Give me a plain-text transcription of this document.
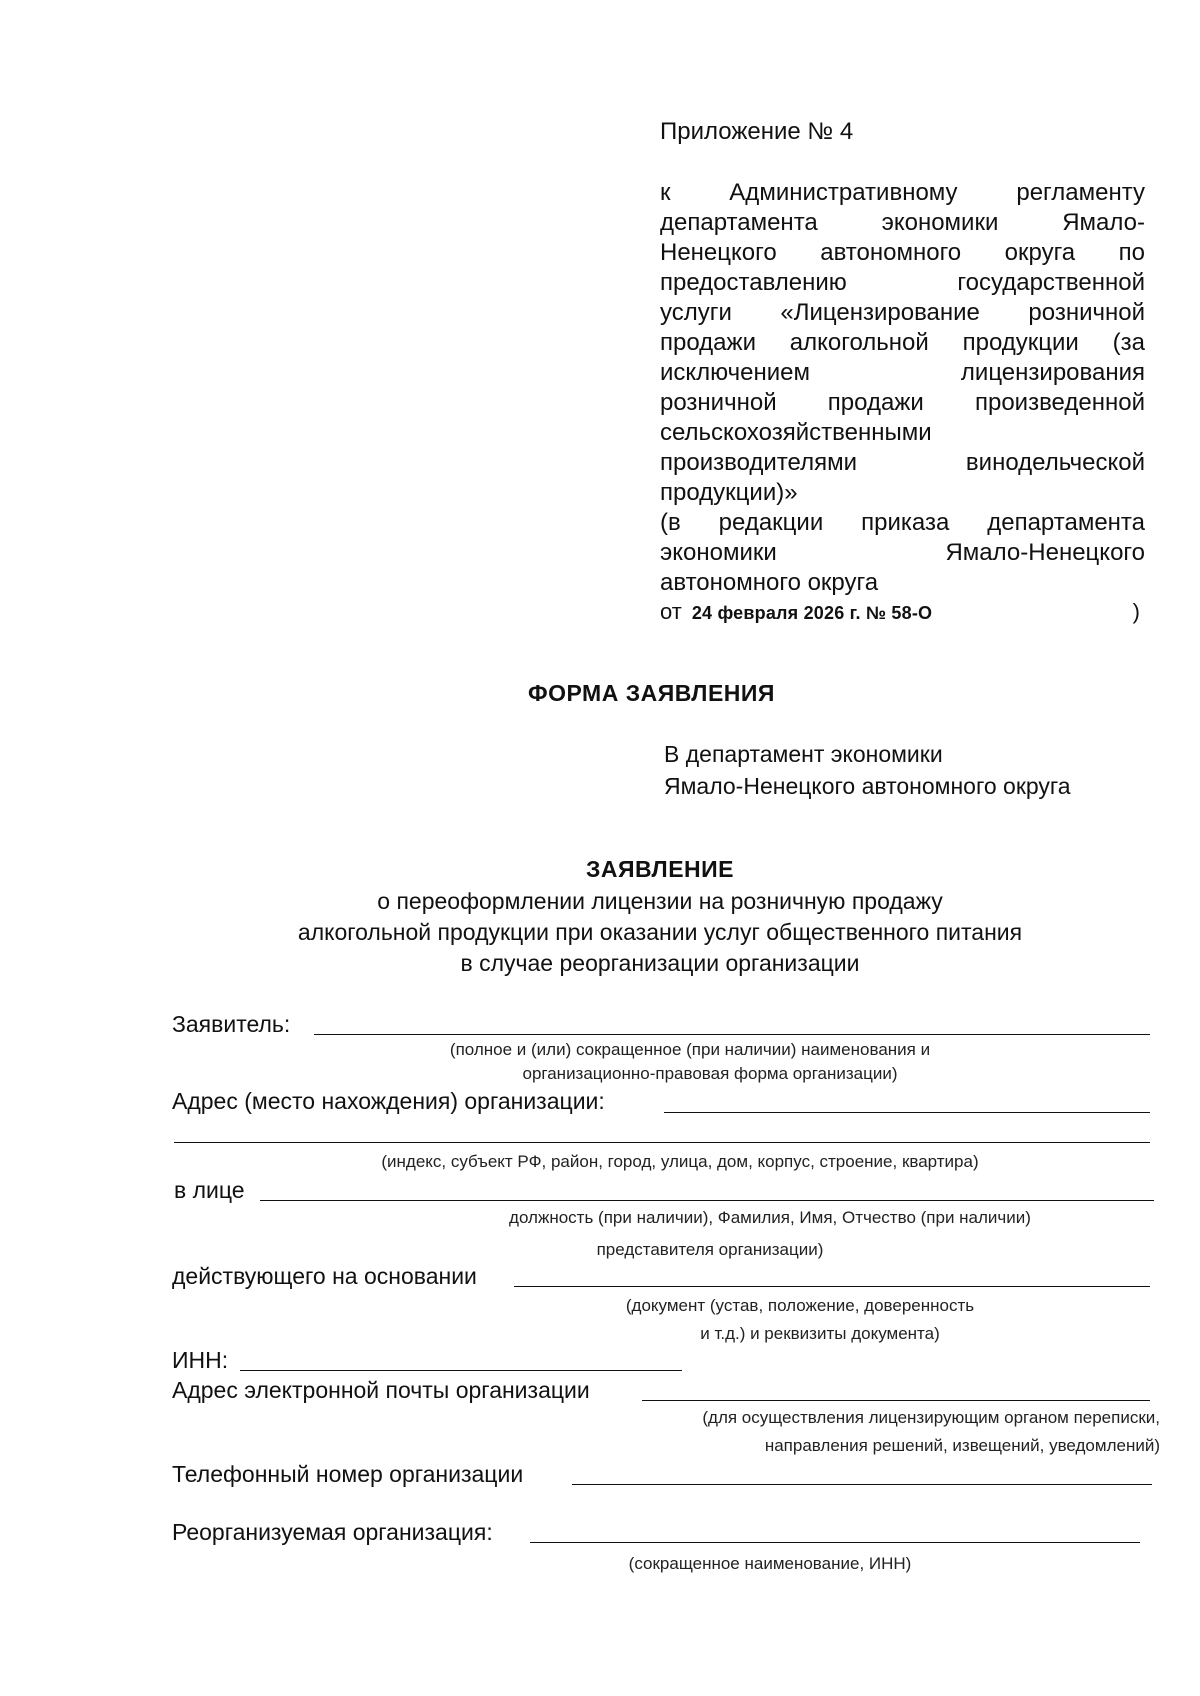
Приложение № 4
к Административному регламенту
департамента экономики Ямало-
Ненецкого автономного округа по
предоставлению государственной
услуги «Лицензирование розничной
продажи алкогольной продукции (за
исключением лицензирования
розничной продажи произведенной
сельскохозяйственными
производителями винодельческой
продукции)»
(в редакции приказа департамента
экономики Ямало-Ненецкого
автономного округа
от 24 февраля 2026 г. № 58-О	)
ФОРМА ЗАЯВЛЕНИЯ
В департамент экономики
Ямало-Ненецкого автономного округа
ЗАЯВЛЕНИЕ
о переоформлении лицензии на розничную продажу
алкогольной продукции при оказании услуг общественного питания
в случае реорганизации организации
Заявитель:
(полное и (или) сокращенное (при наличии) наименования и
организационно-правовая форма организации)
Адрес (место нахождения) организации:
(индекс, субъект РФ, район, город, улица, дом, корпус, строение, квартира)
в лице
должность (при наличии), Фамилия, Имя, Отчество (при наличии)
представителя организации)
действующего на основании
(документ (устав, положение, доверенность
и т.д.) и реквизиты документа)
ИНН:
Адрес электронной почты организации
(для осуществления лицензирующим органом переписки,
направления решений, извещений, уведомлений)
Телефонный номер организации
Реорганизуемая организация:
(сокращенное наименование, ИНН)
